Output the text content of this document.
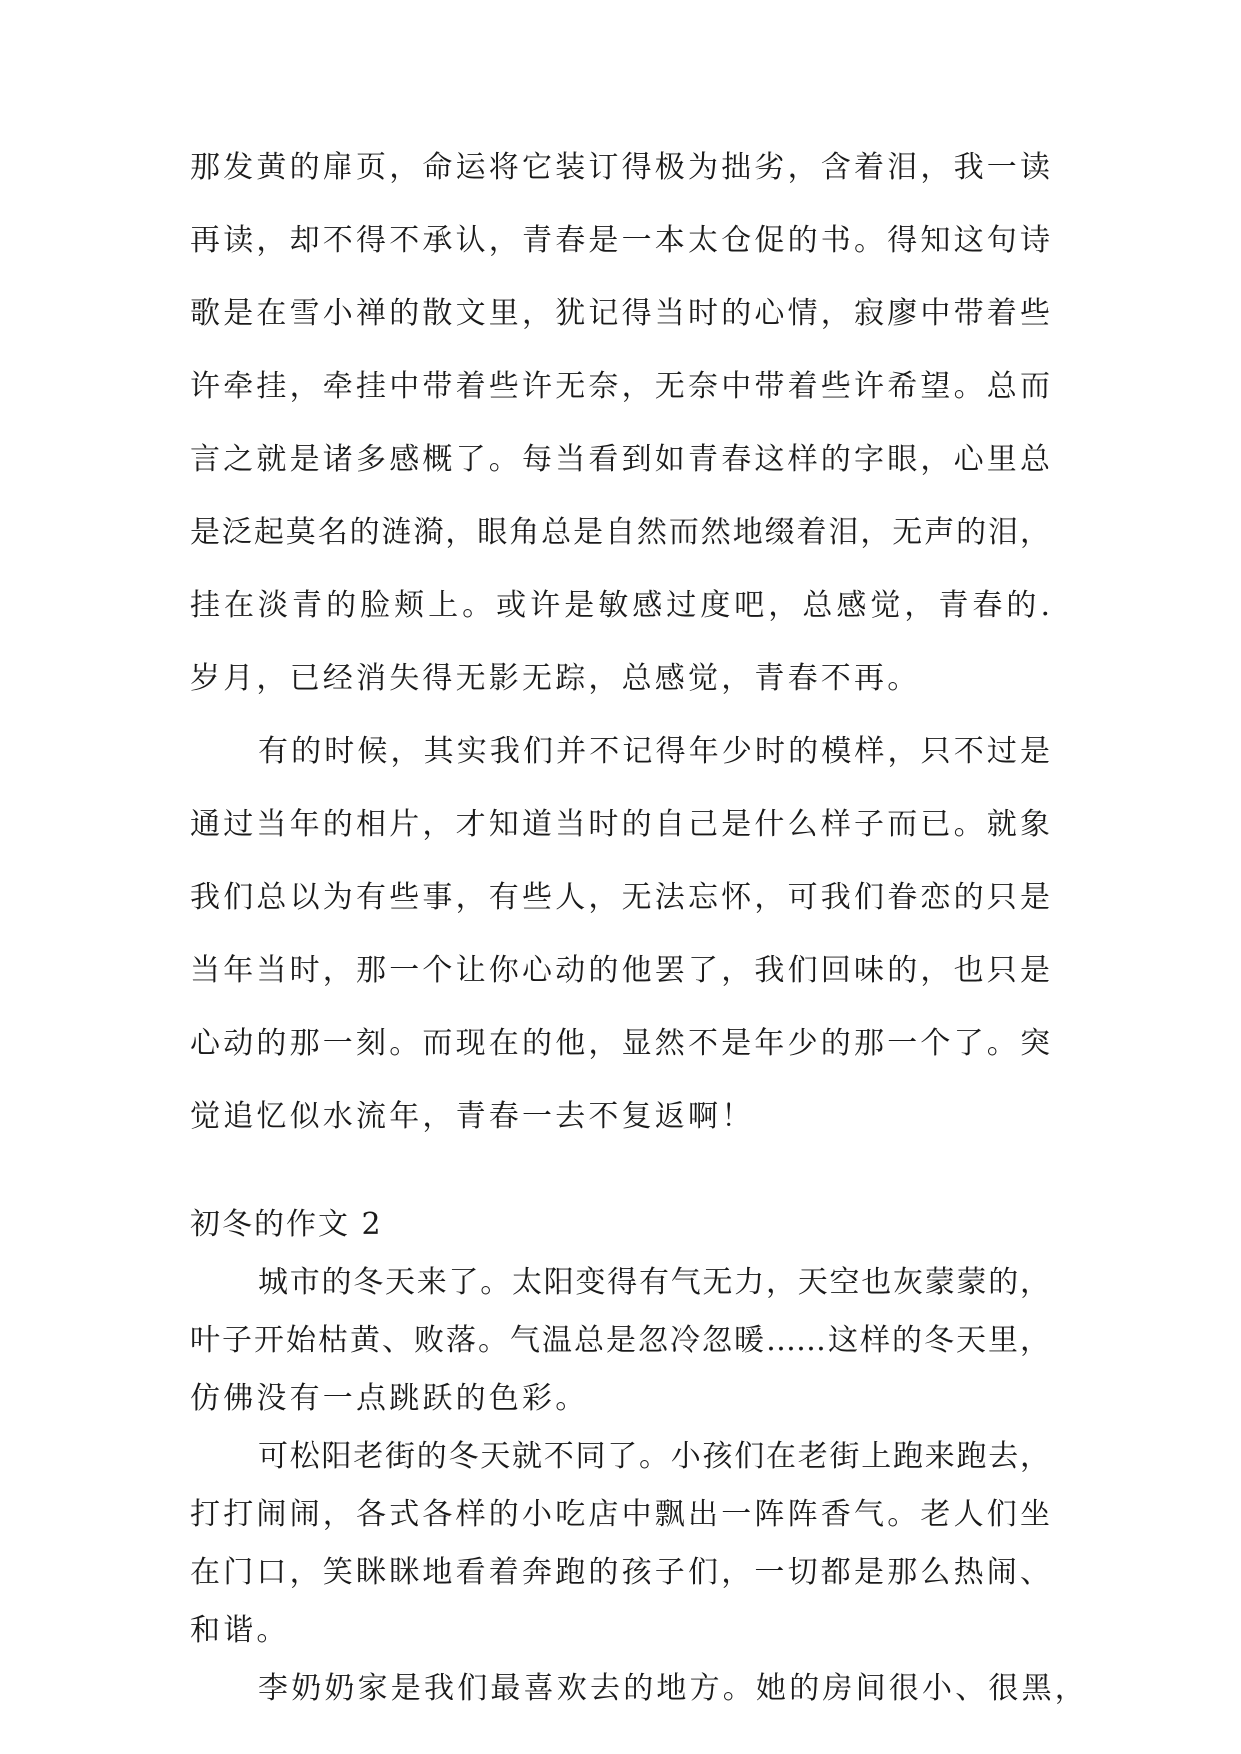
那发黄的扉页，命运将它装订得极为拙劣，含着泪，我一读
再读，却不得不承认，青春是一本太仓促的书。得知这句诗
歌是在雪小禅的散文里，犹记得当时的心情，寂廖中带着些
许牵挂，牵挂中带着些许无奈，无奈中带着些许希望。总而
言之就是诸多感概了。每当看到如青春这样的字眼，心里总
是泛起莫名的涟漪，眼角总是自然而然地缀着泪，无声的泪，
挂在淡青的脸颊上。或许是敏感过度吧，总感觉，青春的.
岁月，已经消失得无影无踪，总感觉，青春不再。
有的时候，其实我们并不记得年少时的模样，只不过是
通过当年的相片，才知道当时的自己是什么样子而已。就象
我们总以为有些事，有些人，无法忘怀，可我们眷恋的只是
当年当时，那一个让你心动的他罢了，我们回味的，也只是
心动的那一刻。而现在的他，显然不是年少的那一个了。突
觉追忆似水流年，青春一去不复返啊！
初冬的作文 2
城市的冬天来了。太阳变得有气无力，天空也灰蒙蒙的，
叶子开始枯黄、败落。气温总是忽冷忽暖……这样的冬天里，
仿佛没有一点跳跃的色彩。
可松阳老街的冬天就不同了。小孩们在老街上跑来跑去，
打打闹闹，各式各样的小吃店中飘出一阵阵香气。老人们坐
在门口，笑眯眯地看着奔跑的孩子们，一切都是那么热闹、
和谐。
李奶奶家是我们最喜欢去的地方。她的房间很小、很黑，
